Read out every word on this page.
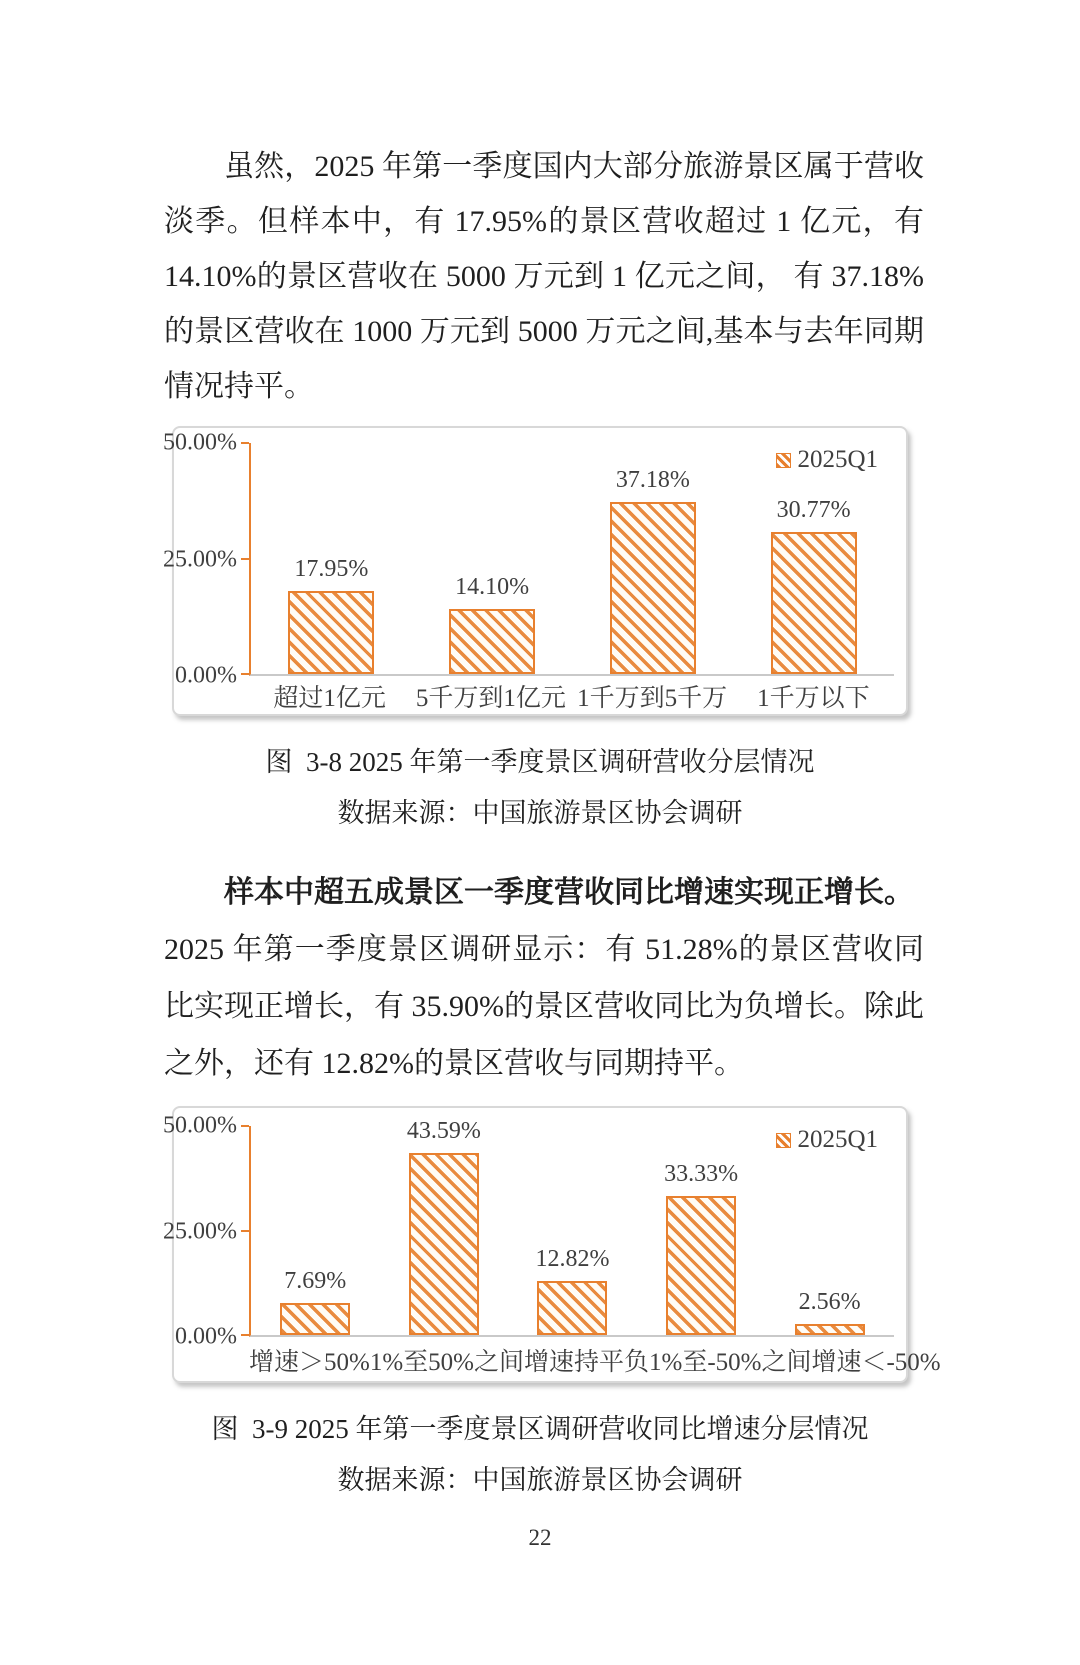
虽然，2025 年第一季度国内大部分旅游景区属于营收淡季。但样本中，有 17.95%的景区营收超过 1 亿元，有 14.10%的景区营收在 5000 万元到 1 亿元之间， 有 37.18%的景区营收在 1000 万元到 5000 万元之间,基本与去年同期情况持平。
2025Q1
0.00%
25.00%
50.00%
17.95%
14.10%
37.18%
30.77%
超过1亿元	5千万到1亿元 1千万到5千万	1千万以下
图  3-8 2025 年第一季度景区调研营收分层情况
数据来源：中国旅游景区协会调研
样本中超五成景区一季度营收同比增速实现正增长。
2025 年第一季度景区调研显示：有 51.28%的景区营收同比实现正增长，有 35.90%的景区营收同比为负增长。除此之外，还有 12.82%的景区营收与同期持平。
2025Q1
0.00%
25.00%
50.00%
7.69%
43.59%
12.82%
33.33%
2.56%
增速＞50% 1%至50%之间 增速持平 负1%至-50%之间 增速＜-50%
图  3-9 2025 年第一季度景区调研营收同比增速分层情况
数据来源：中国旅游景区协会调研
22
